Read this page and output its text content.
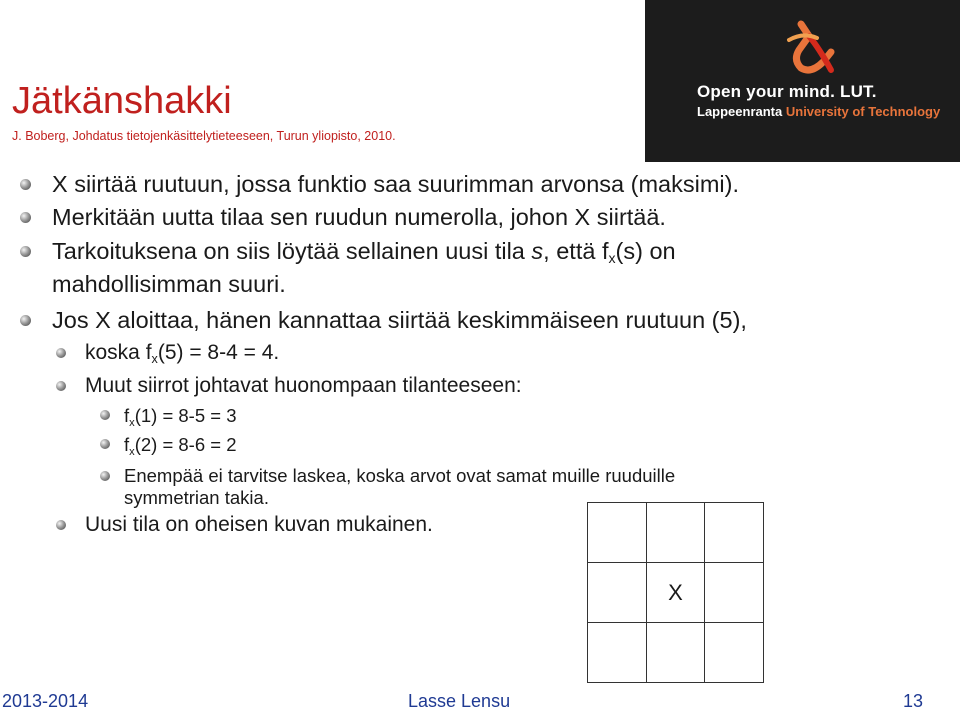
Open your mind. LUT.
Lappeenranta University of Technology
Jätkänshakki
J. Boberg, Johdatus tietojenkäsittelytieteeseen, Turun yliopisto, 2010.
X siirtää ruutuun, jossa funktio saa suurimman arvonsa (maksimi).
Merkitään uutta tilaa sen ruudun numerolla, johon X siirtää.
Tarkoituksena on siis löytää sellainen uusi tila s, että $f_x(s)$ on
mahdollisimman suuri.
Jos X aloittaa, hänen kannattaa siirtää keskimmäiseen ruutuun (5),
koska $f_x(5) = 8-4 = 4$.
Muut siirrot johtavat huonompaan tilanteeseen:
$f_x(1) = 8-5 = 3$
$f_x(2) = 8-6 = 2$
Enempää ei tarvitse laskea, koska arvot ovat samat muille ruuduille
symmetrian takia.
Uusi tila on oheisen kuvan mukainen.

	X	

2013-2014	Lasse Lensu	13
